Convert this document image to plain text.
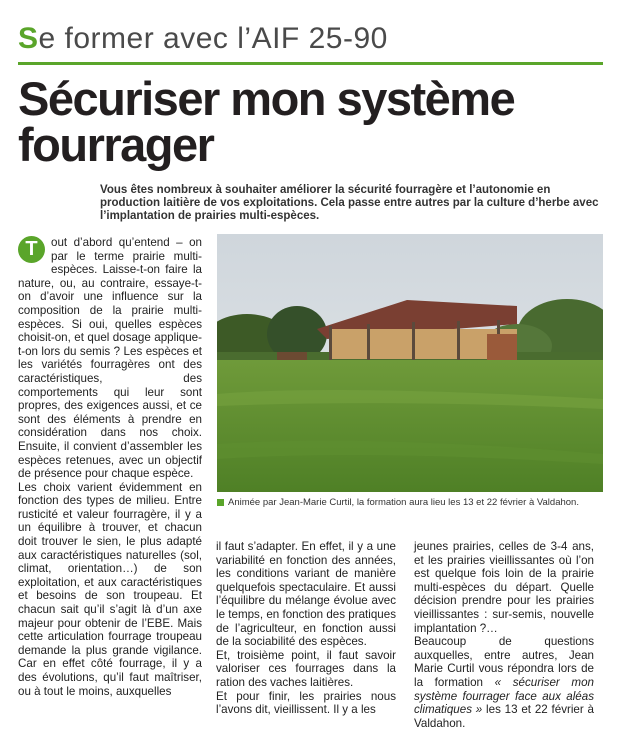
Se former avec l’AIF 25-90
Sécuriser mon système
fourrager

Vous êtes nombreux à souhaiter améliorer la sécurité fourragère et l’autonomie en production laitière de vos exploitations. Cela passe entre autres par la culture d’herbe avec l’implantation de prairies multi-espèces.

T	out d’abord qu’entend – on par le terme prairie multi-espèces. Laisse-t-on faire la nature, ou, au contraire, essaye-t-on d’avoir une influence sur la composition de la prairie multi-espèces. Si oui, quelles espèces choisit-on, et quel dosage applique-t-on lors du semis ? Les espèces et les variétés fourragères ont des caractéristiques, des comportements qui leur sont propres, des exigences aussi, et ce sont des éléments à prendre en considération dans nos choix. Ensuite, il convient d’assembler les espèces retenues, avec un objectif de présence pour chaque espèce.

Les choix varient évidemment en fonction des types de milieu. Entre rusticité et valeur fourragère, il y a un équilibre à trouver, et chacun doit trouver le sien, le plus adapté aux caractéristiques naturelles (sol, climat, orientation…) de son exploitation, et aux caractéristiques et besoins de son troupeau. Et chacun sait qu’il s’agit là d’un axe majeur pour obtenir de l’EBE. Mais cette articulation fourrage troupeau demande la plus grande vigilance. Car en effet côté fourrage, il y a des évolutions, qu’il faut maîtriser, ou à tout le moins, auxquelles

Animée par Jean-Marie Curtil, la formation aura lieu les 13 et 22 février à Valdahon.

il faut s’adapter. En effet, il y a une variabilité en fonction des années, les conditions variant de manière quelquefois spectaculaire. Et aussi l’équilibre du mélange évolue avec le temps, en fonction des pratiques de l’agriculteur, en fonction aussi de la sociabilité des espèces.

Et, troisième point, il faut savoir valoriser ces fourrages dans la ration des vaches laitières.

Et pour finir, les prairies nous l’avons dit, vieillissent. Il y a les

jeunes prairies, celles de 3-4 ans, et les prairies vieillissantes où l’on est quelque fois loin de la prairie multi-espèces du départ. Quelle décision prendre pour les prairies vieillissantes : sur-semis, nouvelle implantation ?…

Beaucoup de questions auxquelles, entre autres, Jean Marie Curtil vous répondra lors de la formation « sécuriser mon système fourrager face aux aléas climatiques » les 13 et 22 février à Valdahon.
